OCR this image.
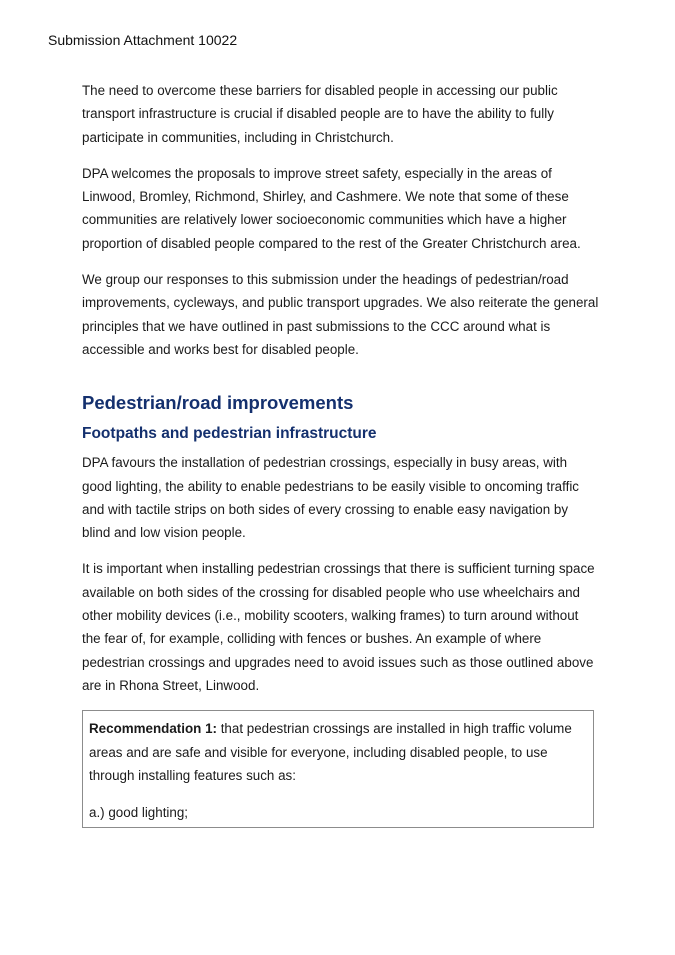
Submission Attachment 10022

The need to overcome these barriers for disabled people in accessing our public transport infrastructure is crucial if disabled people are to have the ability to fully participate in communities, including in Christchurch.

DPA welcomes the proposals to improve street safety, especially in the areas of Linwood, Bromley, Richmond, Shirley, and Cashmere. We note that some of these communities are relatively lower socioeconomic communities which have a higher proportion of disabled people compared to the rest of the Greater Christchurch area.

We group our responses to this submission under the headings of pedestrian/road improvements, cycleways, and public transport upgrades. We also reiterate the general principles that we have outlined in past submissions to the CCC around what is accessible and works best for disabled people.

Pedestrian/road improvements
Footpaths and pedestrian infrastructure

DPA favours the installation of pedestrian crossings, especially in busy areas, with good lighting, the ability to enable pedestrians to be easily visible to oncoming traffic and with tactile strips on both sides of every crossing to enable easy navigation by blind and low vision people.

It is important when installing pedestrian crossings that there is sufficient turning space available on both sides of the crossing for disabled people who use wheelchairs and other mobility devices (i.e., mobility scooters, walking frames) to turn around without the fear of, for example, colliding with fences or bushes. An example of where pedestrian crossings and upgrades need to avoid issues such as those outlined above are in Rhona Street, Linwood.

Recommendation 1: that pedestrian crossings are installed in high traffic volume areas and are safe and visible for everyone, including disabled people, to use through installing features such as:

a.) good lighting;
